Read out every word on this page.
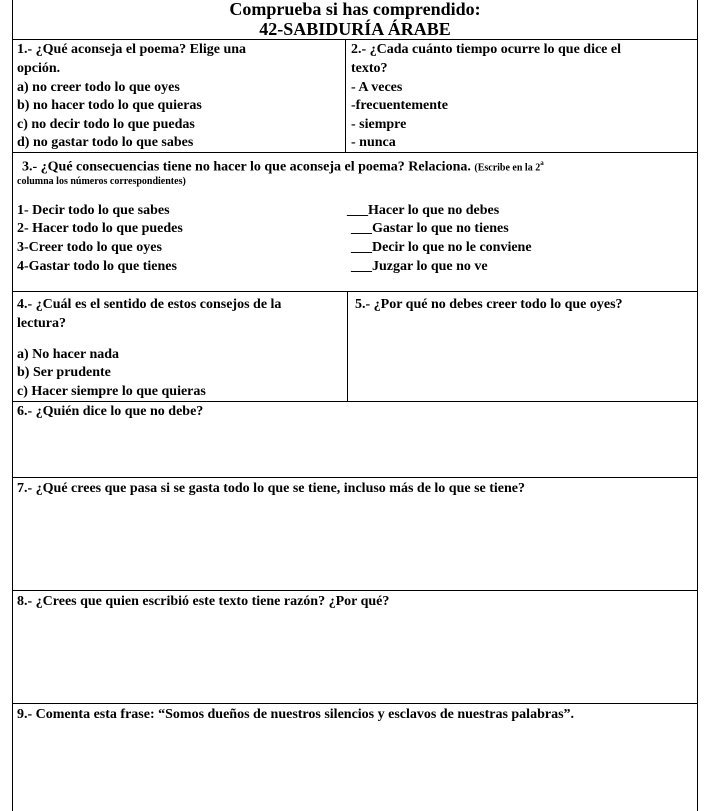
Comprueba si has comprendido:
42-SABIDURÍA ÁRABE
1.- ¿Qué aconseja el poema? Elige una
opción.
a) no creer todo lo que oyes
b) no hacer todo lo que quieras
c) no decir todo lo que puedas
d) no gastar todo lo que sabes
2.- ¿Cada cuánto tiempo ocurre lo que dice el
texto?
- A veces
-frecuentemente
- siempre
- nunca
3.- ¿Qué consecuencias tiene no hacer lo que aconseja el poema? Relaciona. (Escribe en la 2$^a$
columna los números correspondientes)
1- Decir todo lo que sabes
2- Hacer todo lo que puedes
3-Creer todo lo que oyes
4-Gastar todo lo que tienes
___Hacer lo que no debes
___Gastar lo que no tienes
___Decir lo que no le conviene
___Juzgar lo que no ve
4.- ¿Cuál es el sentido de estos consejos de la
lectura?
a) No hacer nada
b) Ser prudente
c) Hacer siempre lo que quieras
5.- ¿Por qué no debes creer todo lo que oyes?
6.- ¿Quién dice lo que no debe?
7.- ¿Qué crees que pasa si se gasta todo lo que se tiene, incluso más de lo que se tiene?
8.- ¿Crees que quien escribió este texto tiene razón? ¿Por qué?
9.- Comenta esta frase: “Somos dueños de nuestros silencios y esclavos de nuestras palabras”.
